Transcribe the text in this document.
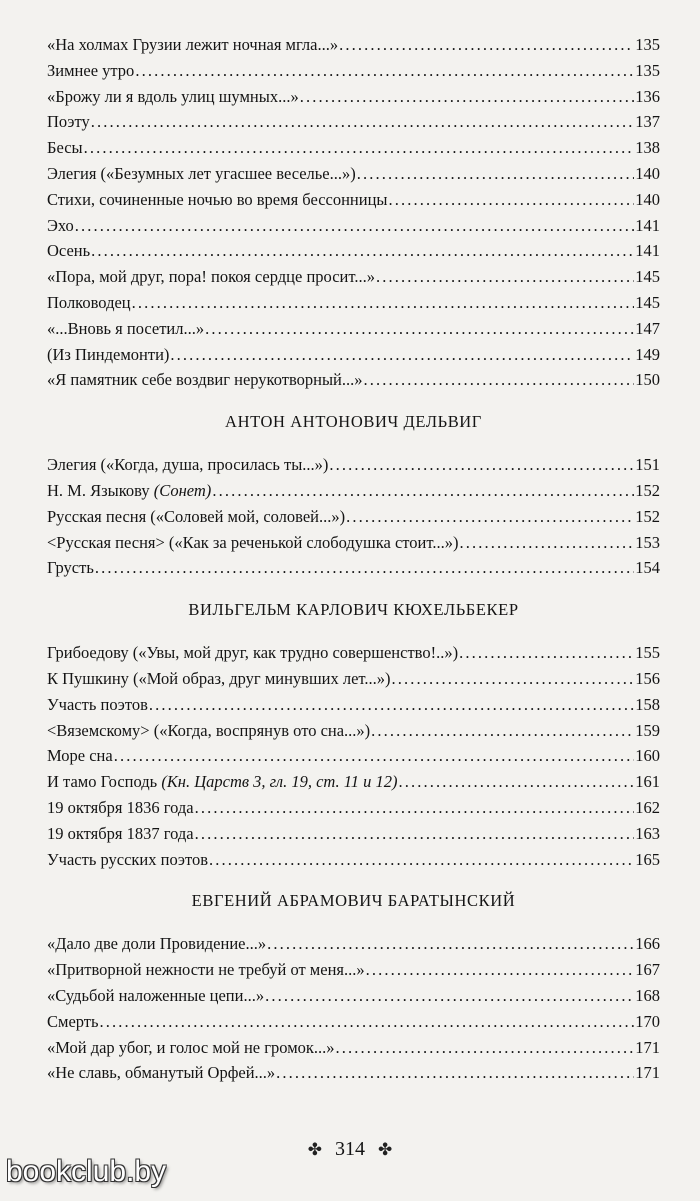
«На холмах Грузии лежит ночная мгла...» . . .	135
Зимнее утро . . .	135
«Брожу ли я вдоль улиц шумных...» . . .	136
Поэту . . .	137
Бесы . . .	138
Элегия («Безумных лет угасшее веселье...») . . .	140
Стихи, сочиненные ночью во время бессонницы . . .	140
Эхо . . .	141
Осень . . .	141
«Пора, мой друг, пора! покоя сердце просит...» . . .	145
Полководец . . .	145
«...Вновь я посетил...» . . .	147
(Из Пиндемонти) . . .	149
«Я памятник себе воздвиг нерукотворный...» . . .	150
АНТОН АНТОНОВИЧ ДЕЛЬВИГ
Элегия («Когда, душа, просилась ты...») . . .	151
Н. М. Языкову (Сонет) . . .	152
Русская песня («Соловей мой, соловей...») . . .	152
<Русская песня> («Как за реченькой слободушка стоит...») . . .	153
Грусть . . .	154
ВИЛЬГЕЛЬМ КАРЛОВИЧ КЮХЕЛЬБЕКЕР
Грибоедову («Увы, мой друг, как трудно совершенство!..») . . .	155
К Пушкину («Мой образ, друг минувших лет...») . . .	156
Участь поэтов . . .	158
<Вяземскому> («Когда, воспрянув ото сна...») . . .	159
Море сна . . .	160
И тамо Господь (Кн. Царств 3, гл. 19, ст. 11 и 12) . . .	161
19 октября 1836 года . . .	162
19 октября 1837 года . . .	163
Участь русских поэтов . . .	165
ЕВГЕНИЙ АБРАМОВИЧ БАРАТЫНСКИЙ
«Дало две доли Провидение...» . . .	166
«Притворной нежности не требуй от меня...» . . .	167
«Судьбой наложенные цепи...» . . .	168
Смерть . . .	170
«Мой дар убог, и голос мой не громок...» . . .	171
«Не славь, обманутый Орфей...» . . .	171
✤ 314 ✤
bookclub.by
